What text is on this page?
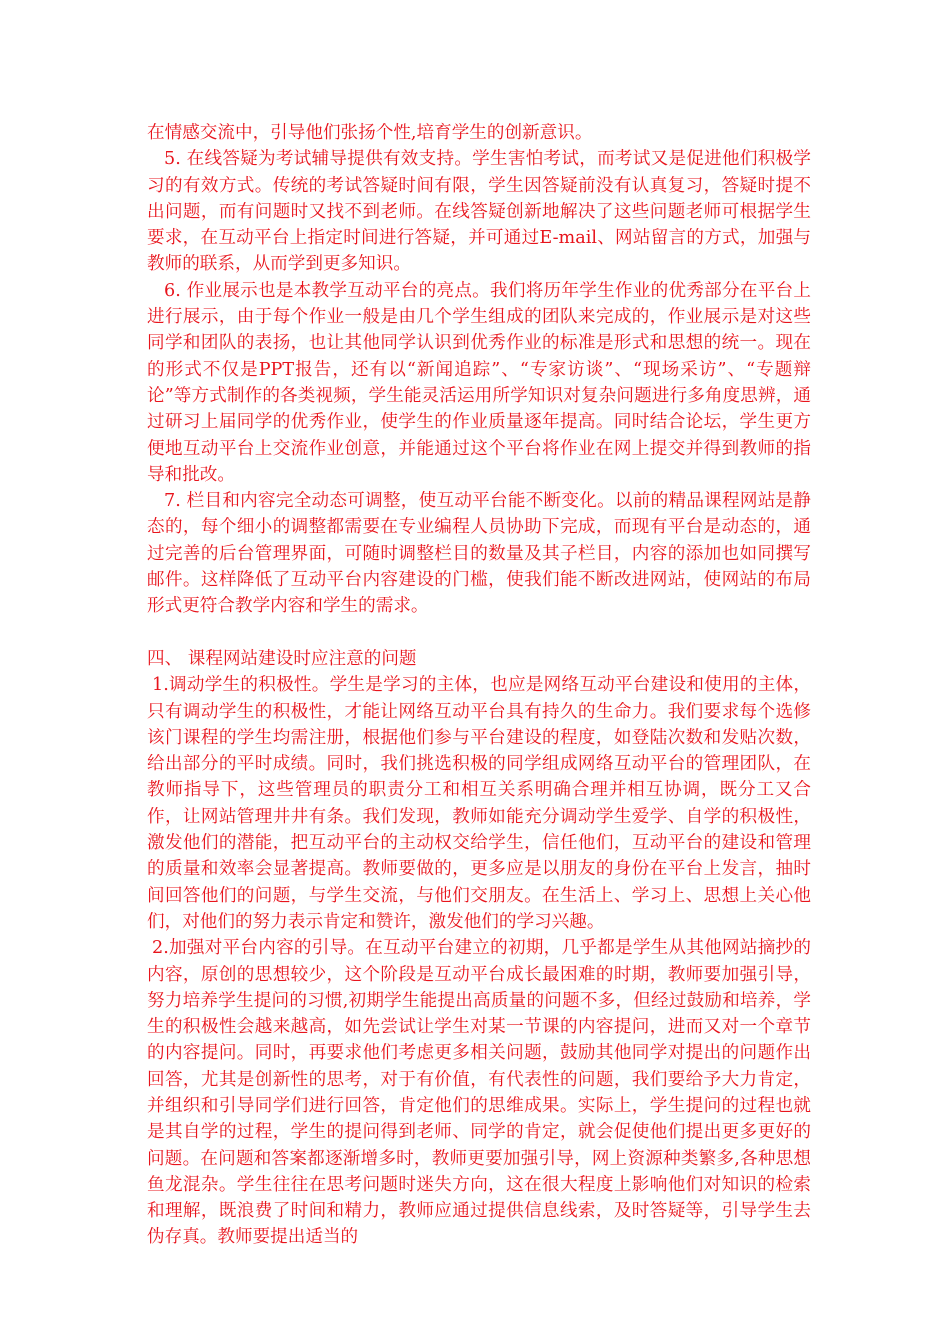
在情感交流中，引导他们张扬个性,培育学生的创新意识。

5. 在线答疑为考试辅导提供有效支持。学生害怕考试，而考试又是促进他们积极学习的有效方式。传统的考试答疑时间有限，学生因答疑前没有认真复习，答疑时提不出问题，而有问题时又找不到老师。在线答疑创新地解决了这些问题老师可根据学生要求，在互动平台上指定时间进行答疑，并可通过E-mail、网站留言的方式，加强与教师的联系，从而学到更多知识。

6. 作业展示也是本教学互动平台的亮点。我们将历年学生作业的优秀部分在平台上进行展示，由于每个作业一般是由几个学生组成的团队来完成的，作业展示是对这些同学和团队的表扬，也让其他同学认识到优秀作业的标准是形式和思想的统一。现在的形式不仅是PPT报告，还有以“新闻追踪”、“专家访谈”、“现场采访”、“专题辩论”等方式制作的各类视频，学生能灵活运用所学知识对复杂问题进行多角度思辨，通过研习上届同学的优秀作业，使学生的作业质量逐年提高。同时结合论坛，学生更方便地互动平台上交流作业创意，并能通过这个平台将作业在网上提交并得到教师的指导和批改。

7. 栏目和内容完全动态可调整，使互动平台能不断变化。以前的精品课程网站是静态的，每个细小的调整都需要在专业编程人员协助下完成，而现有平台是动态的，通过完善的后台管理界面，可随时调整栏目的数量及其子栏目，内容的添加也如同撰写邮件。这样降低了互动平台内容建设的门槛，使我们能不断改进网站，使网站的布局形式更符合教学内容和学生的需求。

四、 课程网站建设时应注意的问题

1.调动学生的积极性。学生是学习的主体，也应是网络互动平台建设和使用的主体，只有调动学生的积极性，才能让网络互动平台具有持久的生命力。我们要求每个选修该门课程的学生均需注册，根据他们参与平台建设的程度，如登陆次数和发贴次数，给出部分的平时成绩。同时，我们挑选积极的同学组成网络互动平台的管理团队，在教师指导下，这些管理员的职责分工和相互关系明确合理并相互协调，既分工又合作，让网站管理井井有条。我们发现，教师如能充分调动学生爱学、自学的积极性，激发他们的潜能，把互动平台的主动权交给学生，信任他们，互动平台的建设和管理的质量和效率会显著提高。教师要做的，更多应是以朋友的身份在平台上发言，抽时间回答他们的问题，与学生交流，与他们交朋友。在生活上、学习上、思想上关心他们，对他们的努力表示肯定和赞许，激发他们的学习兴趣。

2.加强对平台内容的引导。在互动平台建立的初期，几乎都是学生从其他网站摘抄的内容，原创的思想较少，这个阶段是互动平台成长最困难的时期，教师要加强引导，努力培养学生提问的习惯,初期学生能提出高质量的问题不多，但经过鼓励和培养，学生的积极性会越来越高，如先尝试让学生对某一节课的内容提问，进而又对一个章节的内容提问。同时，再要求他们考虑更多相关问题，鼓励其他同学对提出的问题作出回答，尤其是创新性的思考，对于有价值，有代表性的问题，我们要给予大力肯定，并组织和引导同学们进行回答，肯定他们的思维成果。实际上，学生提问的过程也就是其自学的过程，学生的提问得到老师、同学的肯定，就会促使他们提出更多更好的问题。在问题和答案都逐渐增多时，教师更要加强引导，网上资源种类繁多,各种思想鱼龙混杂。学生往往在思考问题时迷失方向，这在很大程度上影响他们对知识的检索和理解，既浪费了时间和精力，教师应通过提供信息线索，及时答疑等，引导学生去伪存真。教师要提出适当的
